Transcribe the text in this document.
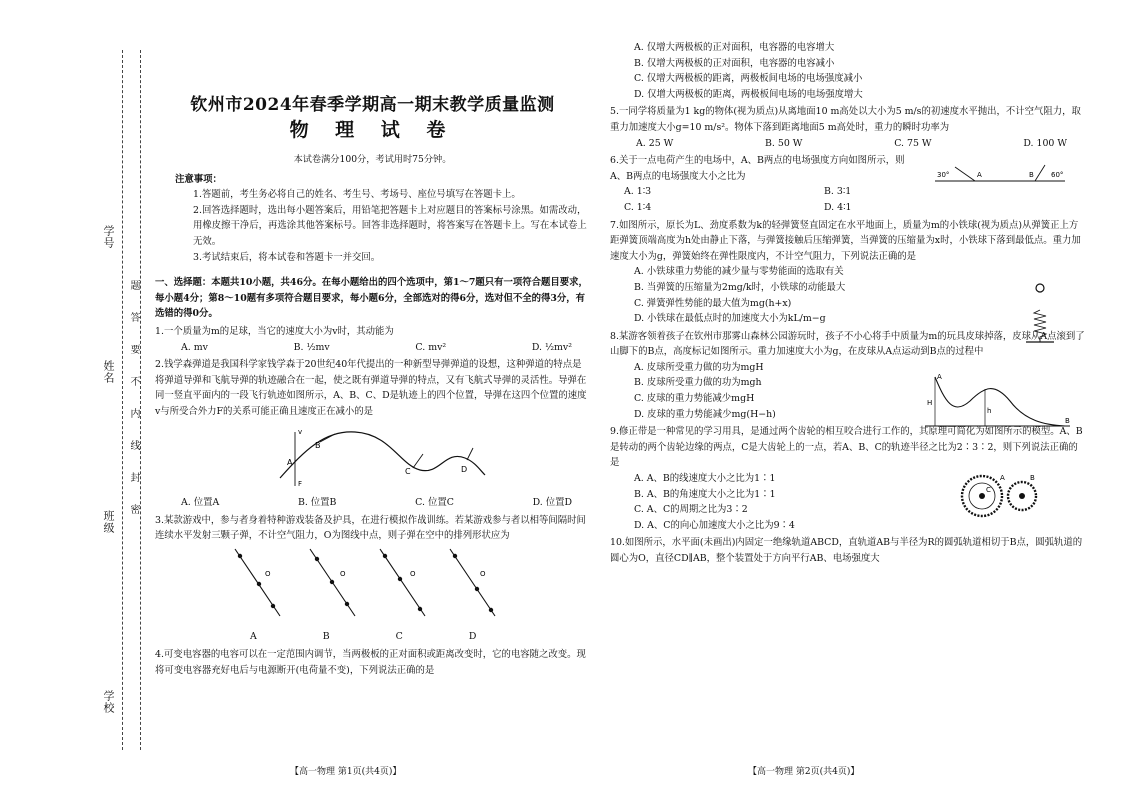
学号
姓名
班级
学校
题答要不内线封密
钦州市2024年春季学期高一期末教学质量监测
物 理 试 卷
本试卷满分100分，考试用时75分钟。
注意事项：
1.答题前，考生务必将自己的姓名、考生号、考场号、座位号填写在答题卡上。
2.回答选择题时，选出每小题答案后，用铅笔把答题卡上对应题目的答案标号涂黑。如需改动，用橡皮擦干净后，再选涂其他答案标号。回答非选择题时，将答案写在答题卡上。写在本试卷上无效。
3.考试结束后，将本试卷和答题卡一并交回。
一、选择题：本题共10小题，共46分。在每小题给出的四个选项中，第1～7题只有一项符合题目要求，每小题4分；第8～10题有多项符合题目要求，每小题6分，全部选对的得6分，选对但不全的得3分，有选错的得0分。
1.一个质量为m的足球，当它的速度大小为v时，其动能为
A. mv	B. ½mv	C. mv²	D. ½mv²
2.钱学森弹道是我国科学家钱学森于20世纪40年代提出的一种新型导弹弹道的设想，这种弹道的特点是将弹道导弹和飞航导弹的轨迹融合在一起，使之既有弹道导弹的特点，又有飞航式导弹的灵活性。导弹在同一竖直平面内的一段飞行轨迹如图所示，A、B、C、D是轨迹上的四个位置，导弹在这四个位置的速度v与所受合外力F的关系可能正确且速度正在减小的是
A
B
C	D
v
F
A. 位置A	B. 位置B	C. 位置C	D. 位置D
3.某款游戏中，参与者身着特种游戏装备及护具，在进行模拟作战训练。若某游戏参与者以相等间隔时间连续水平发射三颗子弹，不计空气阻力，O为图线中点，则子弹在空中的排列形状应为
O	O	O	O
A	B	C	D
4.可变电容器的电容可以在一定范围内调节，当两极板的正对面积或距离改变时，它的电容随之改变。现将可变电容器充好电后与电源断开(电荷量不变)，下列说法正确的是
A. 仅增大两极板的正对面积，电容器的电容增大
B. 仅增大两极板的正对面积，电容器的电容减小
C. 仅增大两极板的距离，两极板间电场的电场强度减小
D. 仅增大两极板的距离，两极板间电场的电场强度增大
5.一同学将质量为1 kg的物体(视为质点)从离地面10 m高处以大小为5 m/s的初速度水平抛出，不计空气阻力，取重力加速度大小g=10 m/s²。物体下落到距离地面5 m高处时，重力的瞬时功率为
A. 25 W	B. 50 W	C. 75 W	D. 100 W
6.关于一点电荷产生的电场中，A、B两点的电场强度方向如图所示，则A、B两点的电场强度大小之比为	30°	60°
A	B
A. 1∶3	B. 3∶1
C. 1∶4	D. 4∶1
7.如图所示，原长为L、劲度系数为k的轻弹簧竖直固定在水平地面上，质量为m的小铁球(视为质点)从弹簧正上方距弹簧顶端高度为h处由静止下落，与弹簧接触后压缩弹簧，当弹簧的压缩量为x时，小铁球下落到最低点。重力加速度大小为g，弹簧始终在弹性限度内，不计空气阻力，下列说法正确的是
A. 小铁球重力势能的减少量与零势能面的选取有关
B. 当弹簧的压缩量为2mg/k时，小铁球的动能最大
C. 弹簧弹性势能的最大值为mg(h+x)
D. 小铁球在最低点时的加速度大小为kL/m−g
8.某游客领着孩子在钦州市那雾山森林公园游玩时，孩子不小心将手中质量为m的玩具皮球掉落，皮球从A点滚到了山脚下的B点，高度标记如图所示。重力加速度大小为g，在皮球从A点运动到B点的过程中
A. 皮球所受重力做的功为mgH
B. 皮球所受重力做的功为mgh
C. 皮球的重力势能减少mgH
D. 皮球的重力势能减少mg(H−h)
A
H
h
B
9.修正带是一种常见的学习用具，是通过两个齿轮的相互咬合进行工作的，其原理可简化为如图所示的模型。A、B是转动的两个齿轮边缘的两点，C是大齿轮上的一点，若A、B、C的轨迹半径之比为2∶3∶2，则下列说法正确的是
A. A、B的线速度大小之比为1∶1
B. A、B的角速度大小之比为1∶1
C. A、C的周期之比为3∶2
D. A、C的向心加速度大小之比为9∶4
A	B
C
10.如图所示，水平面(未画出)内固定一绝缘轨道ABCD，直轨道AB与半径为R的圆弧轨道相切于B点，圆弧轨道的圆心为O，直径CD∥AB，整个装置处于方向平行AB、电场强度大
【高一物理 第1页(共4页)】	【高一物理 第2页(共4页)】
